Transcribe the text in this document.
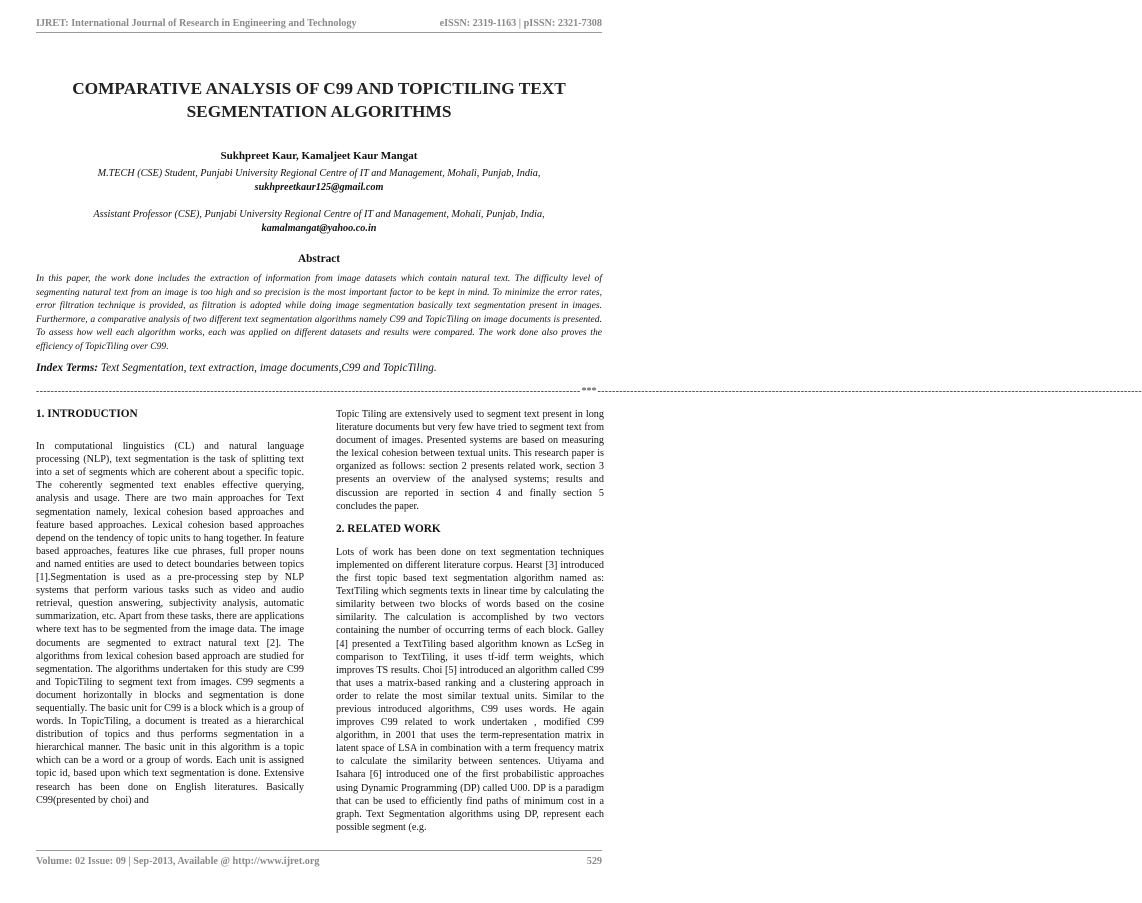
IJRET: International Journal of Research in Engineering and Technology	eISSN: 2319-1163 | pISSN: 2321-7308
COMPARATIVE ANALYSIS OF C99 AND TOPICTILING TEXT SEGMENTATION ALGORITHMS
Sukhpreet Kaur, Kamaljeet Kaur Mangat
M.TECH (CSE) Student, Punjabi University Regional Centre of IT and Management, Mohali, Punjab, India,
sukhpreetkaur125@gmail.com
Assistant Professor (CSE), Punjabi University Regional Centre of IT and Management, Mohali, Punjab, India,
kamalmangat@yahoo.co.in
Abstract
In this paper, the work done includes the extraction of information from image datasets which contain natural text. The difficulty level of segmenting natural text from an image is too high and so precision is the most important factor to be kept in mind. To minimize the error rates, error filtration technique is provided, as filtration is adopted while doing image segmentation basically text segmentation present in images. Furthermore, a comparative analysis of two different text segmentation algorithms namely C99 and TopicTiling on image documents is presented. To assess how well each algorithm works, each was applied on different datasets and results were compared. The work done also proves the efficiency of TopicTiling over C99.
Index Terms: Text Segmentation, text extraction, image documents,C99 and TopicTiling.
------------------------------------------------------------------------------------------------------------------------------------------------------ *** ------------------------------------------------------------------------------------------------------------------------------------------------------
1. INTRODUCTION

In computational linguistics (CL) and natural language processing (NLP), text segmentation is the task of splitting text into a set of segments which are coherent about a specific topic. The coherently segmented text enables effective querying, analysis and usage. There are two main approaches for Text segmentation namely, lexical cohesion based approaches and feature based approaches. Lexical cohesion based approaches depend on the tendency of topic units to hang together. In feature based approaches, features like cue phrases, full proper nouns and named entities are used to detect boundaries between topics [1].Segmentation is used as a pre-processing step by NLP systems that perform various tasks such as video and audio retrieval, question answering, subjectivity analysis, automatic summarization, etc. Apart from these tasks, there are applications where text has to be segmented from the image data. The image documents are segmented to extract natural text [2]. The algorithms from lexical cohesion based approach are studied for segmentation. The algorithms undertaken for this study are C99 and TopicTiling to segment text from images. C99 segments a document horizontally in blocks and segmentation is done sequentially. The basic unit for C99 is a block which is a group of words. In TopicTiling, a document is treated as a hierarchical distribution of topics and thus performs segmentation in a hierarchical manner. The basic unit in this algorithm is a topic which can be a word or a group of words. Each unit is assigned topic id, based upon which text segmentation is done. Extensive research has been done on English literatures. Basically C99(presented by choi) and

Topic Tiling are extensively used to segment text present in long literature documents but very few have tried to segment text from document of images. Presented systems are based on measuring the lexical cohesion between textual units. This research paper is organized as follows: section 2 presents related work, section 3 presents an overview of the analysed systems; results and discussion are reported in section 4 and finally section 5 concludes the paper.

2. RELATED WORK

Lots of work has been done on text segmentation techniques implemented on different literature corpus. Hearst [3] introduced the first topic based text segmentation algorithm named as: TextTiling which segments texts in linear time by calculating the similarity between two blocks of words based on the cosine similarity. The calculation is accomplished by two vectors containing the number of occurring terms of each block. Galley [4] presented a TextTiling based algorithm known as LcSeg in comparison to TextTiling, it uses tf-idf term weights, which improves TS results. Choi [5] introduced an algorithm called C99 that uses a matrix-based ranking and a clustering approach in order to relate the most similar textual units. Similar to the previous introduced algorithms, C99 uses words. He again improves C99 related to work undertaken , modified C99 algorithm, in 2001 that uses the term-representation matrix in latent space of LSA in combination with a term frequency matrix to calculate the similarity between sentences. Utiyama and Isahara [6] introduced one of the first probabilistic approaches using Dynamic Programming (DP) called U00. DP is a paradigm that can be used to efficiently find paths of minimum cost in a graph. Text Segmentation algorithms using DP, represent each possible segment (e.g.

Volume: 02 Issue: 09 | Sep-2013, Available @ http://www.ijret.org	529
